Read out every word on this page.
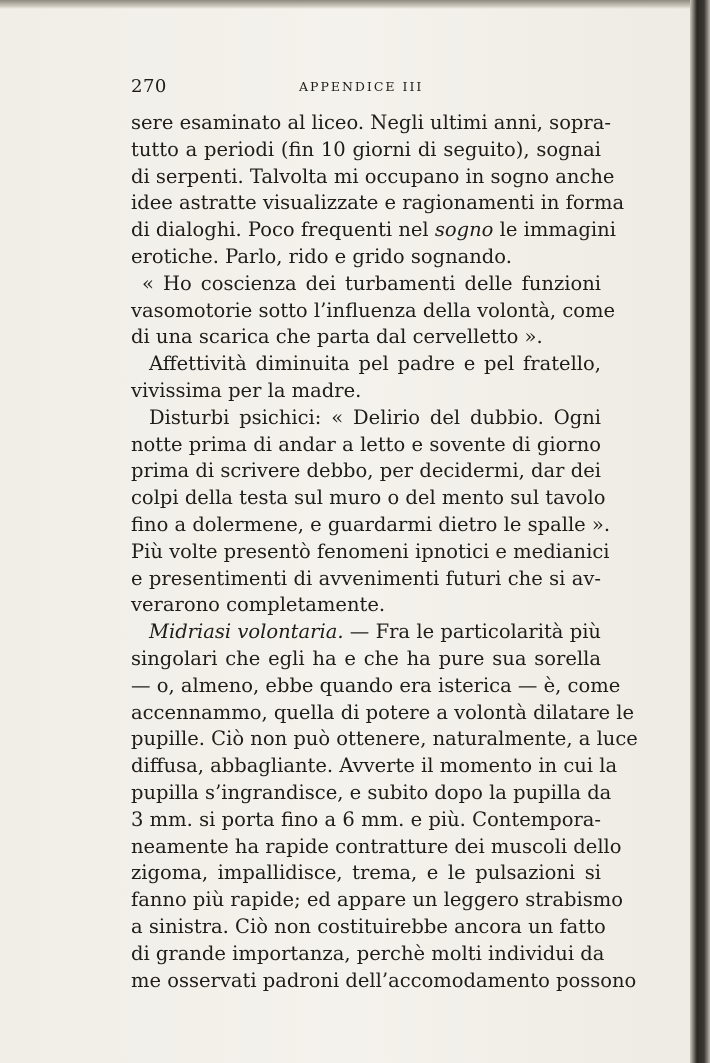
270	APPENDICE III
sere esaminato al liceo. Negli ultimi anni, sopra-
tutto a periodi (fin 10 giorni di seguito), sognai
di serpenti. Talvolta mi occupano in sogno anche
idee astratte visualizzate e ragionamenti in forma
di dialoghi. Poco frequenti nel sogno le immagini
erotiche. Parlo, rido e grido sognando.
« Ho coscienza dei turbamenti delle funzioni
vasomotorie sotto l’influenza della volontà, come
di una scarica che parta dal cervelletto ».
Affettività diminuita pel padre e pel fratello,
vivissima per la madre.
Disturbi psichici: « Delirio del dubbio. Ogni
notte prima di andar a letto e sovente di giorno
prima di scrivere debbo, per decidermi, dar dei
colpi della testa sul muro o del mento sul tavolo
fino a dolermene, e guardarmi dietro le spalle ».
Più volte presentò fenomeni ipnotici e medianici
e presentimenti di avvenimenti futuri che si av-
verarono completamente.
Midriasi volontaria. — Fra le particolarità più
singolari che egli ha e che ha pure sua sorella
— o, almeno, ebbe quando era isterica — è, come
accennammo, quella di potere a volontà dilatare le
pupille. Ciò non può ottenere, naturalmente, a luce
diffusa, abbagliante. Avverte il momento in cui la
pupilla s’ingrandisce, e subito dopo la pupilla da
3 mm. si porta fino a 6 mm. e più. Contempora-
neamente ha rapide contratture dei muscoli dello
zigoma, impallidisce, trema, e le pulsazioni si
fanno più rapide; ed appare un leggero strabismo
a sinistra. Ciò non costituirebbe ancora un fatto
di grande importanza, perchè molti individui da
me osservati padroni dell’accomodamento possono
